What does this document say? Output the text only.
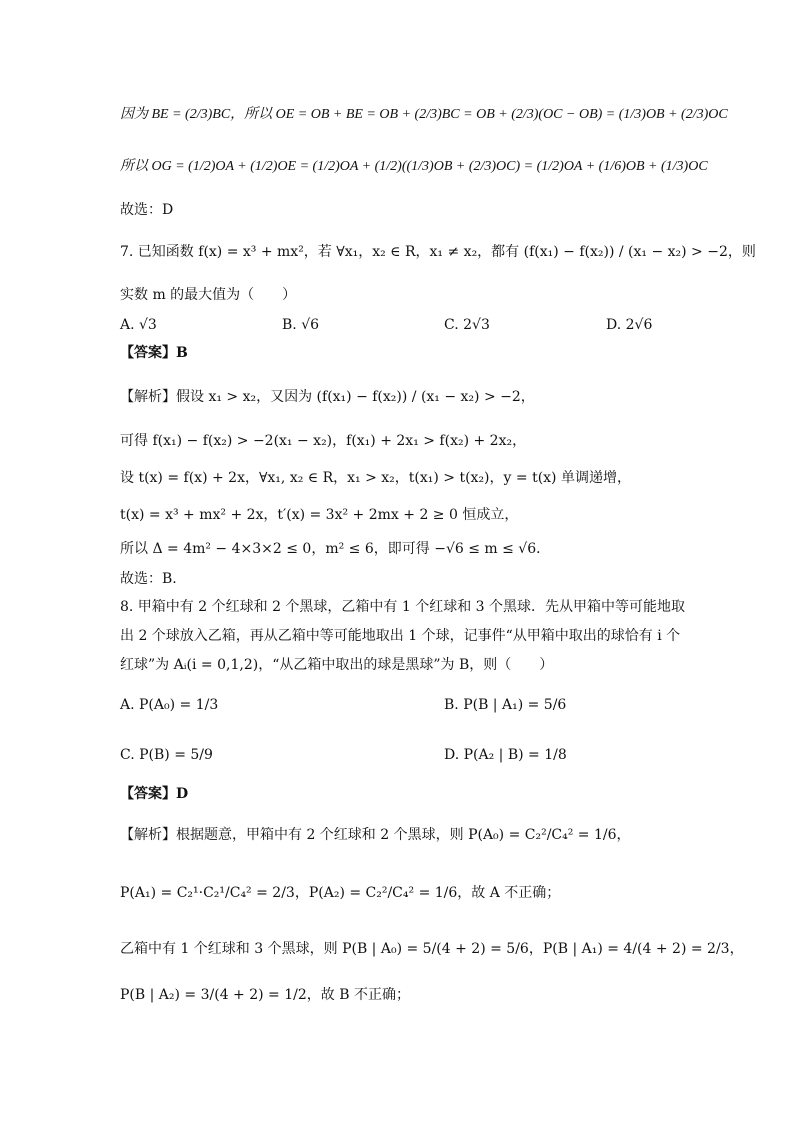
因为 BE = (2/3)BC，所以 OE = OB + BE = OB + (2/3)BC = OB + (2/3)(OC − OB) = (1/3)OB + (2/3)OC
所以 OG = (1/2)OA + (1/2)OE = (1/2)OA + (1/2)((1/3)OB + (2/3)OC) = (1/2)OA + (1/6)OB + (1/3)OC
故选：D
7. 已知函数 f(x) = x³ + mx²，若 ∀x₁，x₂ ∈ R，x₁ ≠ x₂，都有 (f(x₁) − f(x₂)) / (x₁ − x₂) > −2，则
实数 m 的最大值为（　　）
A. √3	B. √6	C. 2√3	D. 2√6
【答案】B
【解析】假设 x₁ > x₂，又因为 (f(x₁) − f(x₂)) / (x₁ − x₂) > −2，
可得 f(x₁) − f(x₂) > −2(x₁ − x₂)，f(x₁) + 2x₁ > f(x₂) + 2x₂，
设 t(x) = f(x) + 2x，∀x₁, x₂ ∈ R，x₁ > x₂，t(x₁) > t(x₂)，y = t(x) 单调递增，
t(x) = x³ + mx² + 2x，t′(x) = 3x² + 2mx + 2 ≥ 0 恒成立，
所以 Δ = 4m² − 4×3×2 ≤ 0，m² ≤ 6，即可得 −√6 ≤ m ≤ √6．
故选：B.
8. 甲箱中有 2 个红球和 2 个黑球，乙箱中有 1 个红球和 3 个黑球．先从甲箱中等可能地取
出 2 个球放入乙箱，再从乙箱中等可能地取出 1 个球，记事件“从甲箱中取出的球恰有 i 个
红球”为 Aᵢ(i = 0,1,2)，“从乙箱中取出的球是黑球”为 B，则（　　）
A. P(A₀) = 1/3	B. P(B | A₁) = 5/6
C. P(B) = 5/9	D. P(A₂ | B) = 1/8
【答案】D
【解析】根据题意，甲箱中有 2 个红球和 2 个黑球，则 P(A₀) = C₂²/C₄² = 1/6，
P(A₁) = C₂¹·C₂¹/C₄² = 2/3，P(A₂) = C₂²/C₄² = 1/6，故 A 不正确；
乙箱中有 1 个红球和 3 个黑球，则 P(B | A₀) = 5/(4 + 2) = 5/6，P(B | A₁) = 4/(4 + 2) = 2/3，
P(B | A₂) = 3/(4 + 2) = 1/2，故 B 不正确；
